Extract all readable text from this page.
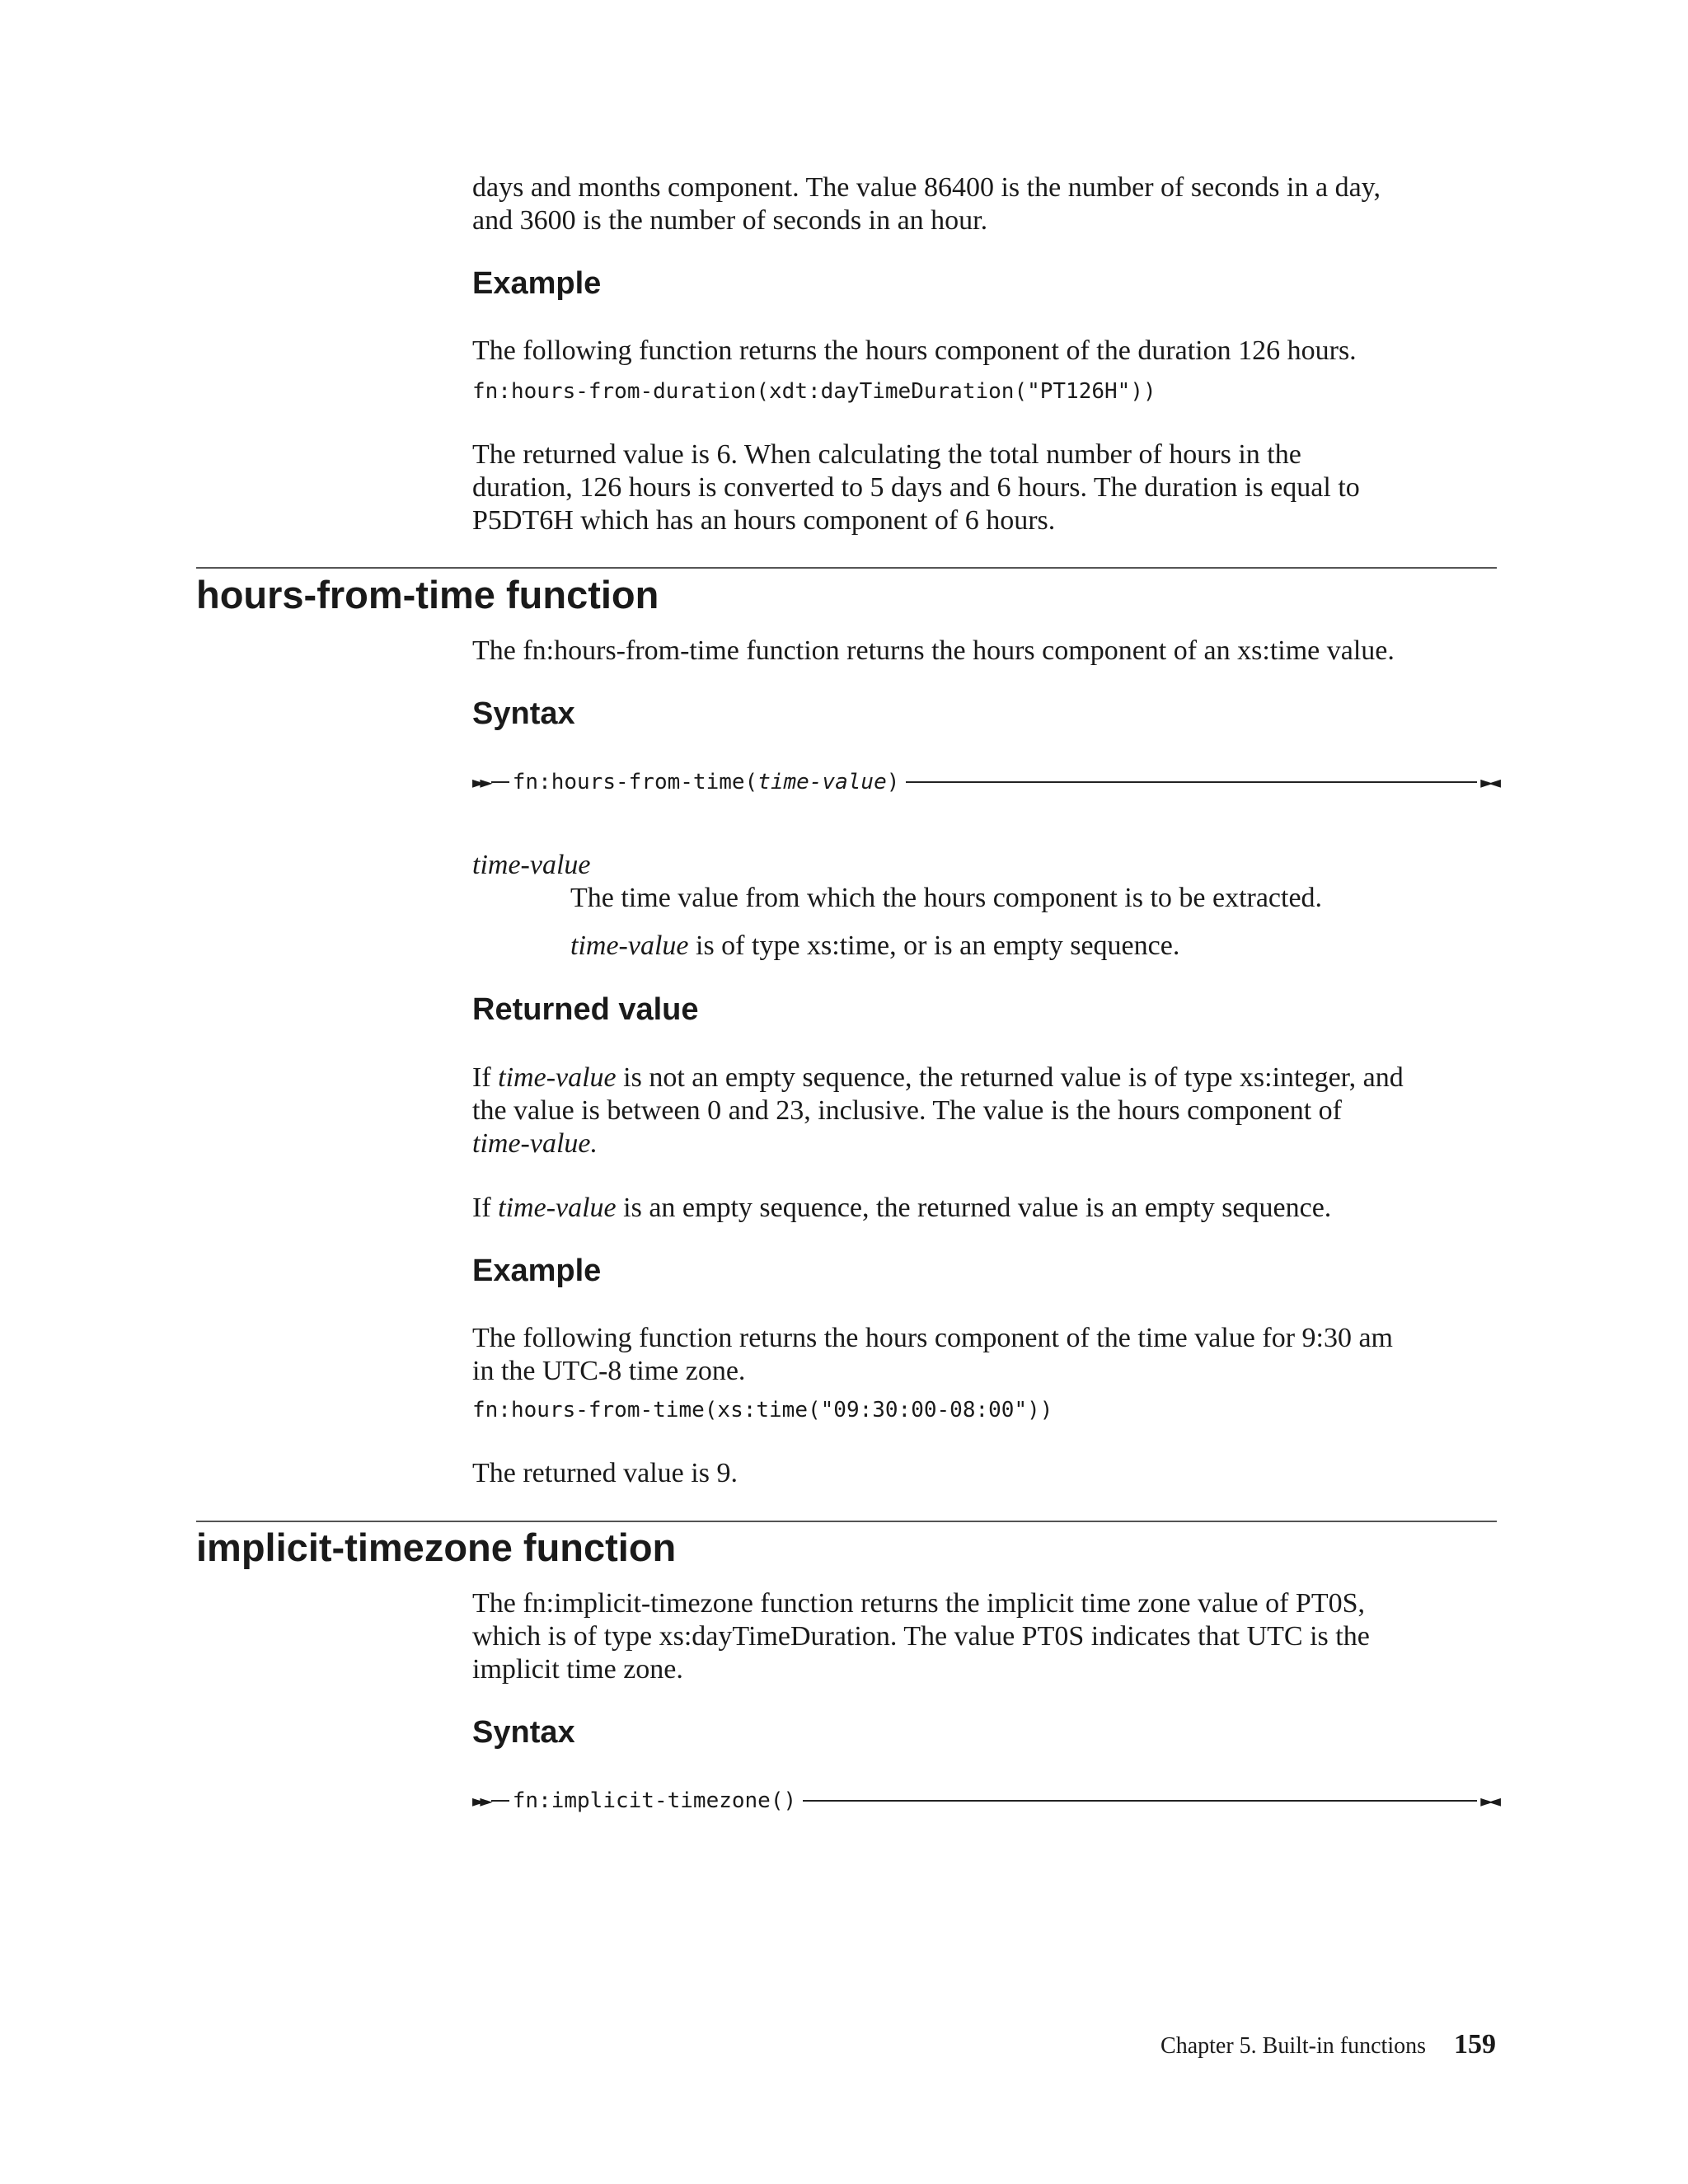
days and months component. The value 86400 is the number of seconds in a day,

and 3600 is the number of seconds in an hour.

Example

The following function returns the hours component of the duration 126 hours.

fn:hours-from-duration(xdt:dayTimeDuration("PT126H"))

The returned value is 6. When calculating the total number of hours in the

duration, 126 hours is converted to 5 days and 6 hours. The duration is equal to

P5DT6H which has an hours component of 6 hours.

hours-from-time function

The fn:hours-from-time function returns the hours component of an xs:time value.

Syntax
►► fn:hours-from-time(time-value)	►◄

time-value

The time value from which the hours component is to be extracted.

time-value is of type xs:time, or is an empty sequence.

Returned value

If time-value is not an empty sequence, the returned value is of type xs:integer, and

the value is between 0 and 23, inclusive. The value is the hours component of

time-value.

If time-value is an empty sequence, the returned value is an empty sequence.

Example

The following function returns the hours component of the time value for 9:30 am

in the UTC-8 time zone.

fn:hours-from-time(xs:time("09:30:00-08:00"))

The returned value is 9.

implicit-timezone function

The fn:implicit-timezone function returns the implicit time zone value of PT0S,

which is of type xs:dayTimeDuration. The value PT0S indicates that UTC is the

implicit time zone.

Syntax
►► fn:implicit-timezone()	►◄
Chapter 5. Built-in functions 159
